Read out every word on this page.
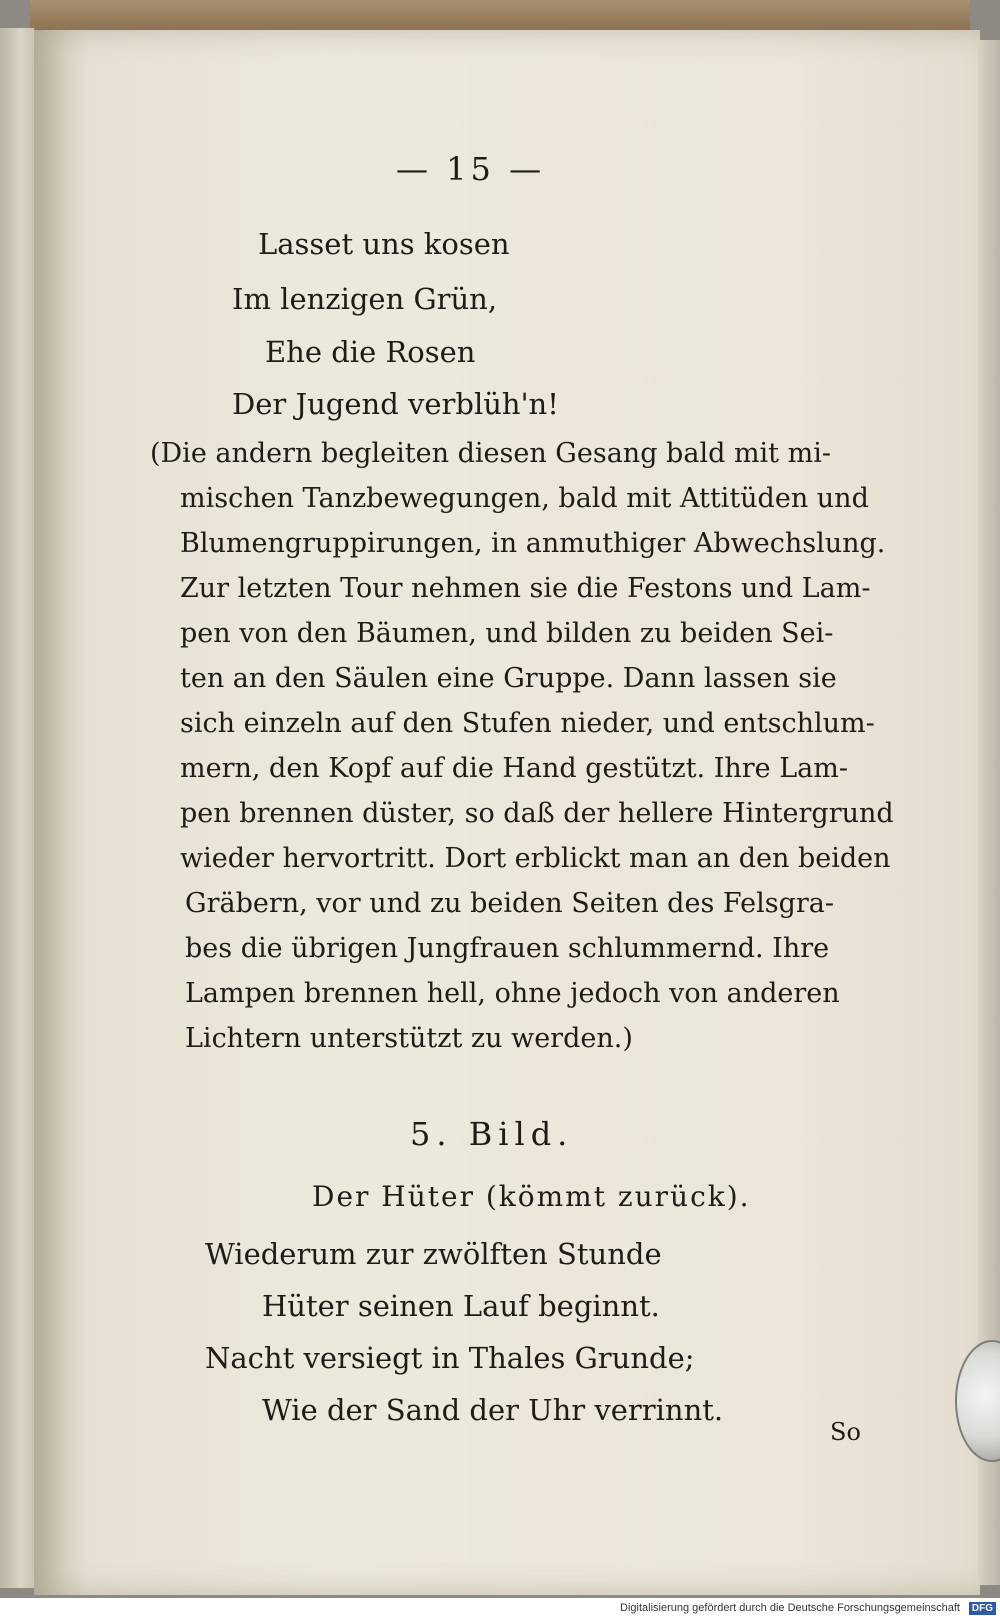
— 15 —
Lasset uns kosen
Im lenzigen Grün,
Ehe die Rosen
Der Jugend verblüh'n!
(Die andern begleiten diesen Gesang bald mit mi-
mischen Tanzbewegungen, bald mit Attitüden und
Blumengruppirungen, in anmuthiger Abwechslung.
Zur letzten Tour nehmen sie die Festons und Lam-
pen von den Bäumen, und bilden zu beiden Sei-
ten an den Säulen eine Gruppe. Dann lassen sie
sich einzeln auf den Stufen nieder, und entschlum-
mern, den Kopf auf die Hand gestützt. Ihre Lam-
pen brennen düster, so daß der hellere Hintergrund
wieder hervortritt. Dort erblickt man an den beiden
Gräbern, vor und zu beiden Seiten des Felsgra-
bes die übrigen Jungfrauen schlummernd. Ihre
Lampen brennen hell, ohne jedoch von anderen
Lichtern unterstützt zu werden.)
5. Bild.
Der Hüter (kömmt zurück).
Wiederum zur zwölften Stunde
Hüter seinen Lauf beginnt.
Nacht versiegt in Thales Grunde;
Wie der Sand der Uhr verrinnt.
So
Digitalisierung gefördert durch die Deutsche Forschungsgemeinschaft	DFG
